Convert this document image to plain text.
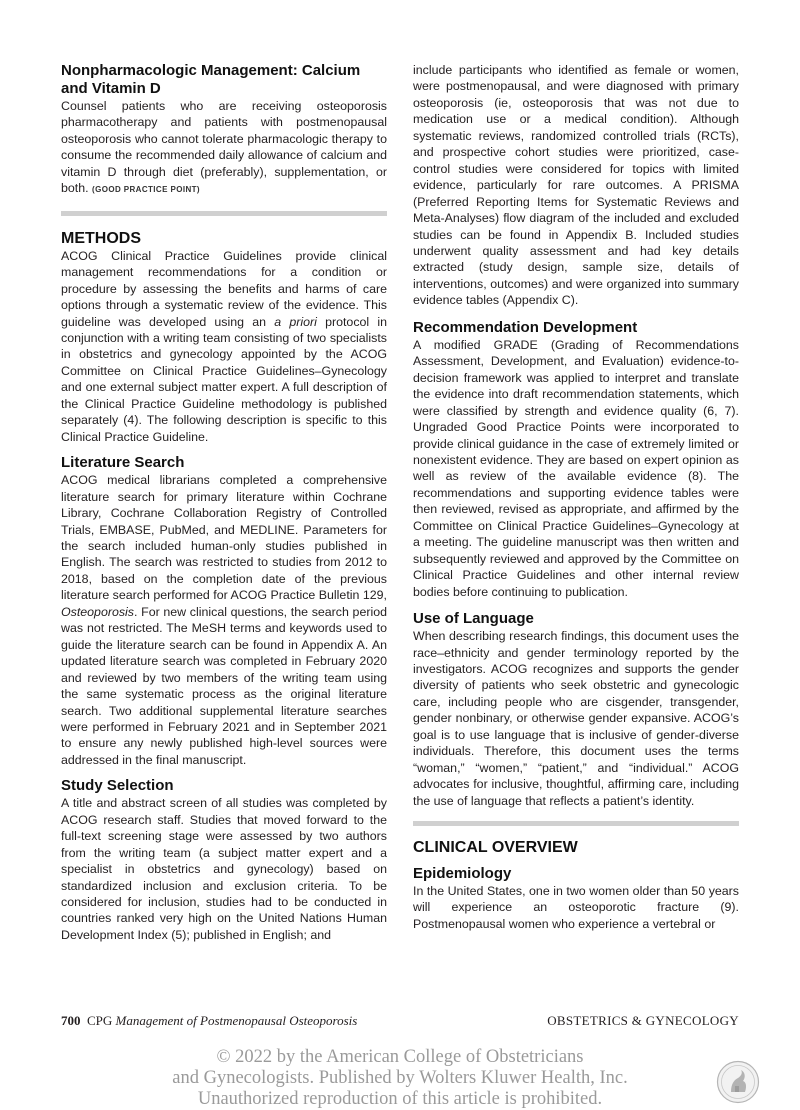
Nonpharmacologic Management: Calcium and Vitamin D

Counsel patients who are receiving osteoporosis pharmacotherapy and patients with postmenopausal osteoporosis who cannot tolerate pharmacologic therapy to consume the recommended daily allowance of calcium and vitamin D through diet (preferably), supplementation, or both. (GOOD PRACTICE POINT)

METHODS

ACOG Clinical Practice Guidelines provide clinical management recommendations for a condition or procedure by assessing the benefits and harms of care options through a systematic review of the evidence. This guideline was developed using an a priori protocol in conjunction with a writing team consisting of two specialists in obstetrics and gynecology appointed by the ACOG Committee on Clinical Practice Guidelines–Gynecology and one external subject matter expert. A full description of the Clinical Practice Guideline methodology is published separately (4). The following description is specific to this Clinical Practice Guideline.

Literature Search

ACOG medical librarians completed a comprehensive literature search for primary literature within Cochrane Library, Cochrane Collaboration Registry of Controlled Trials, EMBASE, PubMed, and MEDLINE. Parameters for the search included human-only studies published in English. The search was restricted to studies from 2012 to 2018, based on the completion date of the previous literature search performed for ACOG Practice Bulletin 129, Osteoporosis. For new clinical questions, the search period was not restricted. The MeSH terms and keywords used to guide the literature search can be found in Appendix A. An updated literature search was completed in February 2020 and reviewed by two members of the writing team using the same systematic process as the original literature search. Two additional supplemental literature searches were performed in February 2021 and in September 2021 to ensure any newly published high-level sources were addressed in the final manuscript.

Study Selection

A title and abstract screen of all studies was completed by ACOG research staff. Studies that moved forward to the full-text screening stage were assessed by two authors from the writing team (a subject matter expert and a specialist in obstetrics and gynecology) based on standardized inclusion and exclusion criteria. To be considered for inclusion, studies had to be conducted in countries ranked very high on the United Nations Human Development Index (5); published in English; and

include participants who identified as female or women, were postmenopausal, and were diagnosed with primary osteoporosis (ie, osteoporosis that was not due to medication use or a medical condition). Although systematic reviews, randomized controlled trials (RCTs), and prospective cohort studies were prioritized, case-control studies were considered for topics with limited evidence, particularly for rare outcomes. A PRISMA (Preferred Reporting Items for Systematic Reviews and Meta-Analyses) flow diagram of the included and excluded studies can be found in Appendix B. Included studies underwent quality assessment and had key details extracted (study design, sample size, details of interventions, outcomes) and were organized into summary evidence tables (Appendix C).

Recommendation Development

A modified GRADE (Grading of Recommendations Assessment, Development, and Evaluation) evidence-to-decision framework was applied to interpret and translate the evidence into draft recommendation statements, which were classified by strength and evidence quality (6, 7). Ungraded Good Practice Points were incorporated to provide clinical guidance in the case of extremely limited or nonexistent evidence. They are based on expert opinion as well as review of the available evidence (8). The recommendations and supporting evidence tables were then reviewed, revised as appropriate, and affirmed by the Committee on Clinical Practice Guidelines–Gynecology at a meeting. The guideline manuscript was then written and subsequently reviewed and approved by the Committee on Clinical Practice Guidelines and other internal review bodies before continuing to publication.

Use of Language

When describing research findings, this document uses the race–ethnicity and gender terminology reported by the investigators. ACOG recognizes and supports the gender diversity of patients who seek obstetric and gynecologic care, including people who are cisgender, transgender, gender nonbinary, or otherwise gender expansive. ACOG’s goal is to use language that is inclusive of gender-diverse individuals. Therefore, this document uses the terms “woman,” “women,” “patient,” and “individual.” ACOG advocates for inclusive, thoughtful, affirming care, including the use of language that reflects a patient’s identity.

CLINICAL OVERVIEW
Epidemiology

In the United States, one in two women older than 50 years will experience an osteoporotic fracture (9). Postmenopausal women who experience a vertebral or

700 CPG Management of Postmenopausal Osteoporosis	OBSTETRICS & GYNECOLOGY
© 2022 by the American College of Obstetricians
and Gynecologists. Published by Wolters Kluwer Health, Inc.
Unauthorized reproduction of this article is prohibited.
